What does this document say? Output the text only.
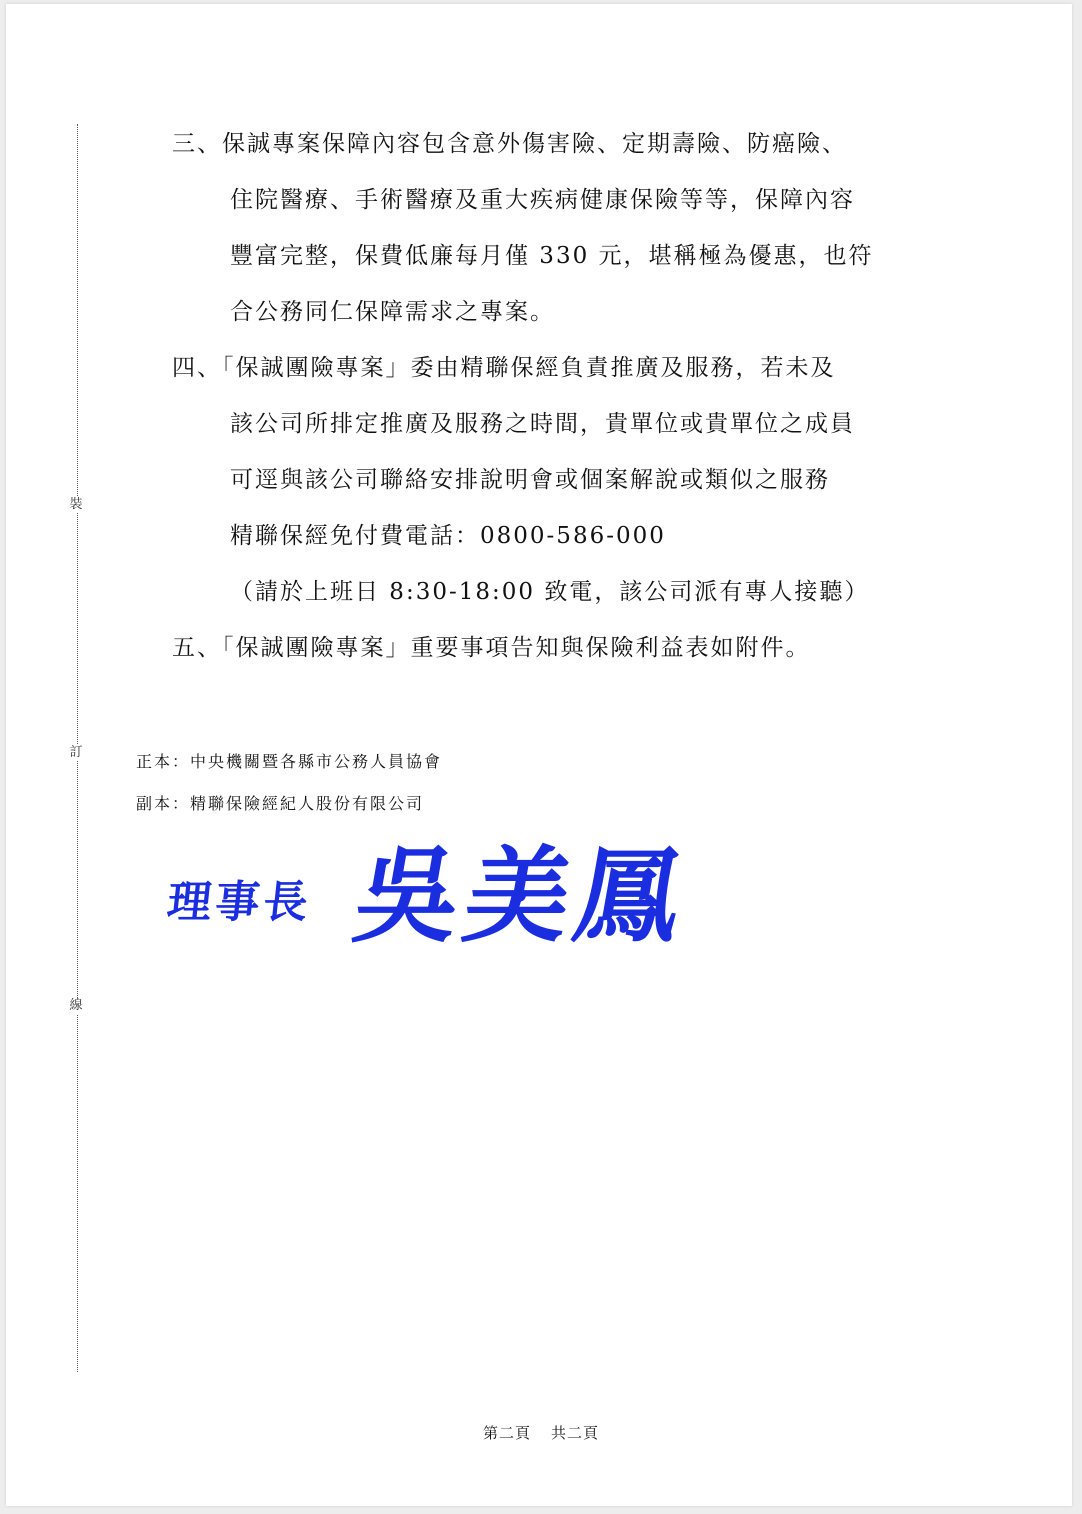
裝
訂
線
三、保誠專案保障內容包含意外傷害險、定期壽險、防癌險、
住院醫療、手術醫療及重大疾病健康保險等等，保障內容
豐富完整，保費低廉每月僅 330 元，堪稱極為優惠，也符
合公務同仁保障需求之專案。
四、「保誠團險專案」委由精聯保經負責推廣及服務，若未及
該公司所排定推廣及服務之時間，貴單位或貴單位之成員
可逕與該公司聯絡安排說明會或個案解說或類似之服務
精聯保經免付費電話：0800-586-000
（請於上班日 8:30-18:00 致電，該公司派有專人接聽）
五、「保誠團險專案」重要事項告知與保險利益表如附件。
正本：中央機關暨各縣市公務人員協會
副本：精聯保險經紀人股份有限公司
理事長 吳美鳳
第二頁 共二頁
